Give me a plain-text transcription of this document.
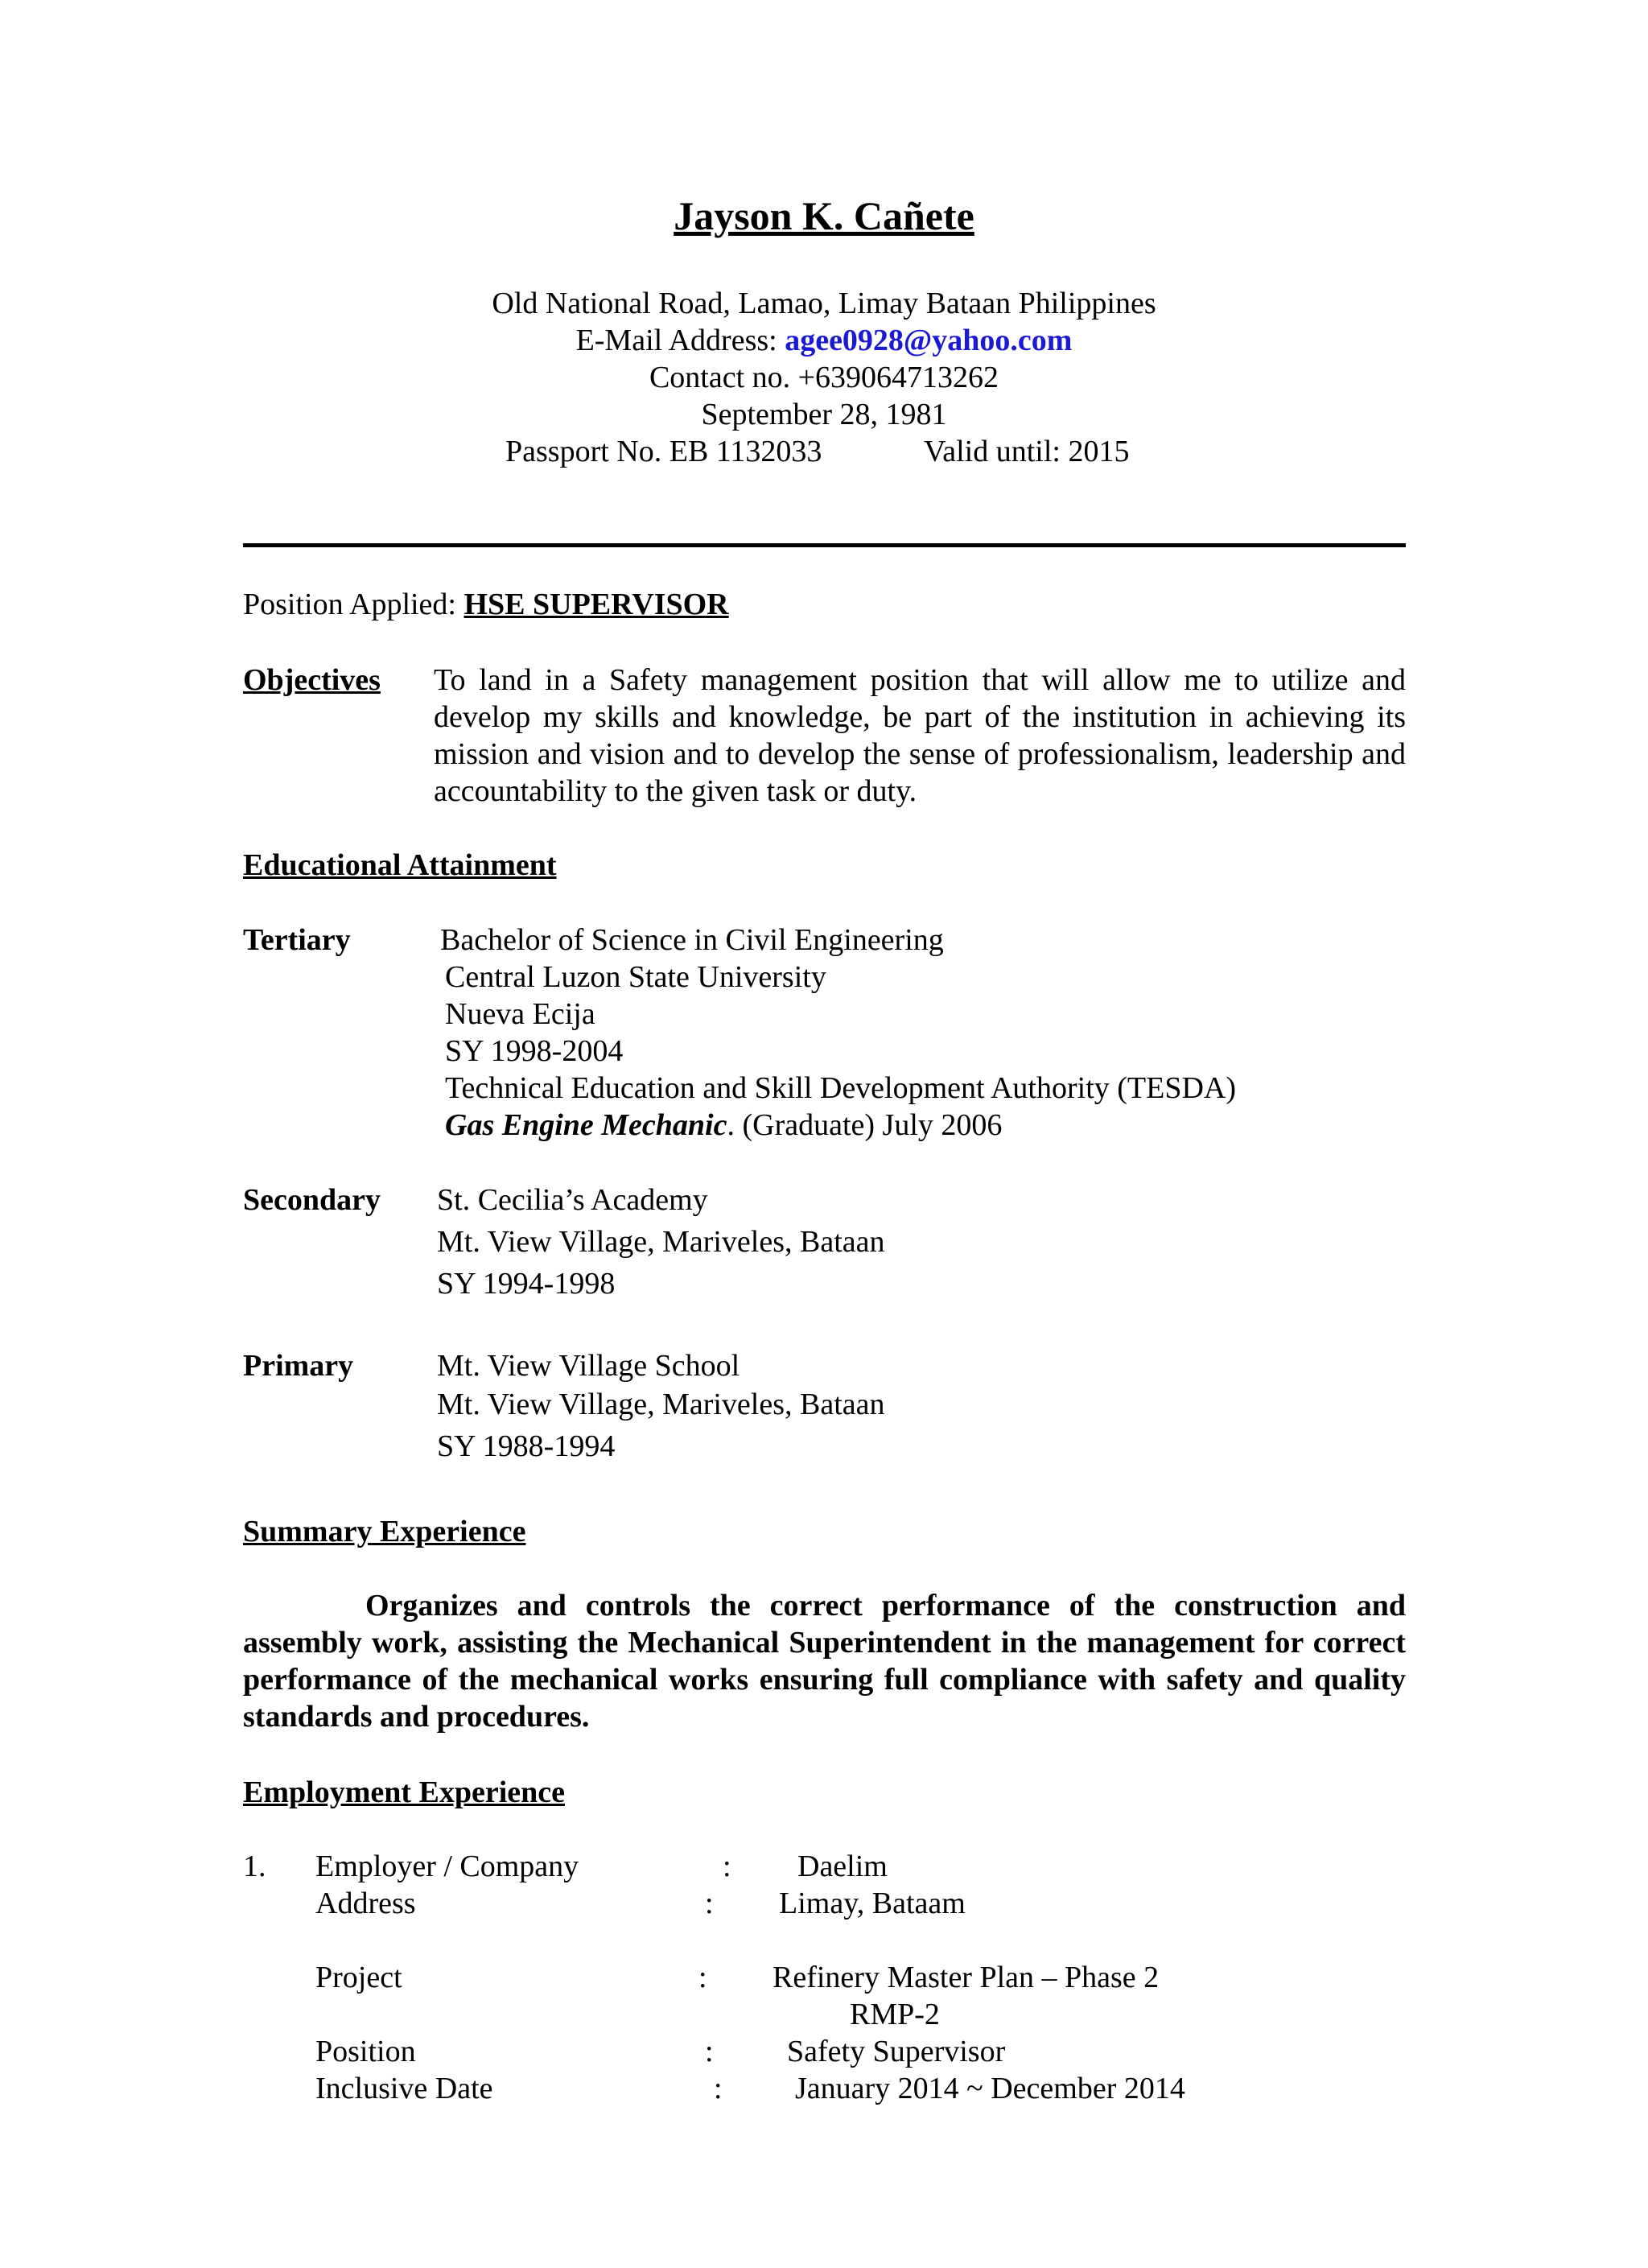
Jayson K. Cañete
Old National Road, Lamao, Limay Bataan Philippines
E-Mail Address: agee0928@yahoo.com
Contact no. +639064713262
September 28, 1981
Passport No. EB 1132033	Valid until: 2015
Position Applied: HSE SUPERVISOR
Objectives To land in a Safety management position that will allow me to utilize and develop my skills and knowledge, be part of the institution in achieving its mission and vision and to develop the sense of professionalism, leadership and accountability to the given task or duty.
Educational Attainment
Tertiary	Bachelor of Science in Civil Engineering
Central Luzon State University
Nueva Ecija
SY 1998-2004
Technical Education and Skill Development Authority (TESDA)
Gas Engine Mechanic. (Graduate) July 2006
Secondary St. Cecilia’s Academy
Mt. View Village, Mariveles, Bataan
SY 1994-1998
Primary	Mt. View Village School
Mt. View Village, Mariveles, Bataan
SY 1988-1994
Summary Experience
Organizes and controls the correct performance of the construction and assembly work, assisting the Mechanical Superintendent in the management for correct performance of the mechanical works ensuring full compliance with safety and quality standards and procedures.
Employment Experience
1. Employer / Company	: Daelim
Address	: Limay, Bataam
Project	: Refinery Master Plan – Phase 2
RMP-2
Position	: Safety Supervisor
Inclusive Date	: January 2014 ~ December 2014
